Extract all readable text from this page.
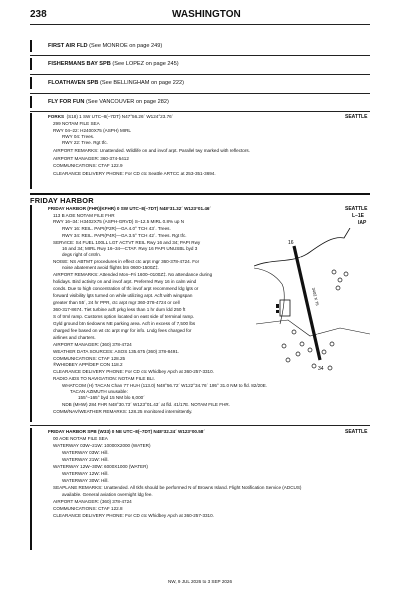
238	WASHINGTON
FIRST AIR FLD (See MONROE on page 249)
FISHERMANS BAY SPB (See LOPEZ on page 245)
FLOATHAVEN SPB (See BELLINGHAM on page 222)
FLY FOR FUN (See VANCOUVER on page 282)
FORKS (S18) 1 SW UTC–8(–7DT) N47°56.26´ W124°23.76´	SEATTLE
299 NOTAM FILE SEA
RWY 04–22: H2400X75 (ASPH) MIRL
RWY 04: Trees.
RWY 22: Tree. Rgt tfc.
AIRPORT REMARKS: Unattended. Wildlife on and invof arpt. Parallel twy marked with reflectors.
AIRPORT MANAGER: 360-374-5412
COMMUNICATIONS: CTAF 122.9
CLEARANCE DELIVERY PHONE: For CD ctc Seattle ARTCC at 253-351-3694.
FRIDAY HARBOR
FRIDAY HARBOR (FHR)(KFHR) 0 SW UTC–8(–7DT) N48°31.32´ W123°01.46´	SEATTLE
L–1E
IAP
113 B AOE NOTAM FILE FHR
RWY 16–34: H3402X75 (ASPH-GRVD) S–12.5 MIRL 0.8% up N
RWY 16: REIL. PAPI(P2R)—GA 4.0° TCH 43´. Trees.
RWY 34: REIL. PAPI(P4R)—GA 3.5° TCH 42´. Trees. Rgt tfc.
SERVICE: S4 FUEL 100LL LGT ACTVT REIL Rwy 16 and 34; PAPI Rwy
16 and 34; MIRL Rwy 16–34—CTAF. Rwy 16 PAPI UNUSBL byd 3
degs right of cntrln.
NOISE: NS ABTMT procedures in effect ctc arpt mgr 360-378-4724. For
noise abatement avoid flights btn 0600-1500Z‡.
AIRPORT REMARKS: Attended Mon–Fri 1600–0100Z‡. No attendance during
holidays. Bird activity on and invof arpt. Preferred Rwy 16 in calm wind
conds. Due to high concentration of tfc invof arpt recommend ldg lgts or
forward visibility lgts turned on while utilizing arpt. Acft with wingspan
greater than 55´, 24 hr PPR, ctc arpt mgr 360-378-4724 or cell
360-317-8674. Tiet turbine acft prkg less than 1 hr durn ldd 250 ft
S of trml ramp. Customs option located on east side of terminal ramp.
Gyld ground btn tiedowns NE parking area. Acft in excess of 7,500 lbs
charged fee based on wt ctc arpt mgr for info. Lndg fees charged for
airlines and charters.
AIRPORT MANAGER: (360) 378-4724
WEATHER DATA SOURCES: ASOS 135.675 (360) 378-8491.
COMMUNICATIONS: CTAF 128.25
®WHIDBEY APP/DEP CON 118.2
CLEARANCE DELIVERY PHONE: For CD ctc Whidbey Apch at 360-257-3310.
RADIO AIDS TO NAVIGATION: NOTAM FILE BLI.
WHATCOM (H) TACAN Chan 77 HUH (113.0) N48°56.72´ W122°34.76´ 195° 31.0 NM to fld. 82/20E.
TACAN AZIMUTH unusable:
155°–165° byd 15 NM blo 6,000´
NDB (MHW) 284 FHR N48°30.73´ W123°01.43´ at fld. 41/17E. NOTAM FILE FHR.
COMM/NAV/WEATHER REMARKS: 128.25 monitored intermittently.
16
34
3402 X 75
FRIDAY HARBOR SPB (W33) 0 NE UTC–8(–7DT) N48°32.24´ W123°00.58´	SEATTLE
00 AOE NOTAM FILE SEA
WATERWAY 03W–21W: 10000X2000 (WATER)
WATERWAY 03W: Hill.
WATERWAY 21W: Hill.
WATERWAY 12W–30W: 6000X1000 (WATER)
WATERWAY 12W: Hill.
WATERWAY 30W: Hill.
SEAPLANE REMARKS: Unattended. All tkfs should be performed N of Browns Island. Flight Notification Service (ADCUS)
available. General aviation overnight ldg fee.
AIRPORT MANAGER: (360) 378-4724
COMMUNICATIONS: CTAF 122.8
CLEARANCE DELIVERY PHONE: For CD ctc Whidbey Apch at 360-257-3310.
NW, 9 JUL 2026 to 3 SEP 2026
